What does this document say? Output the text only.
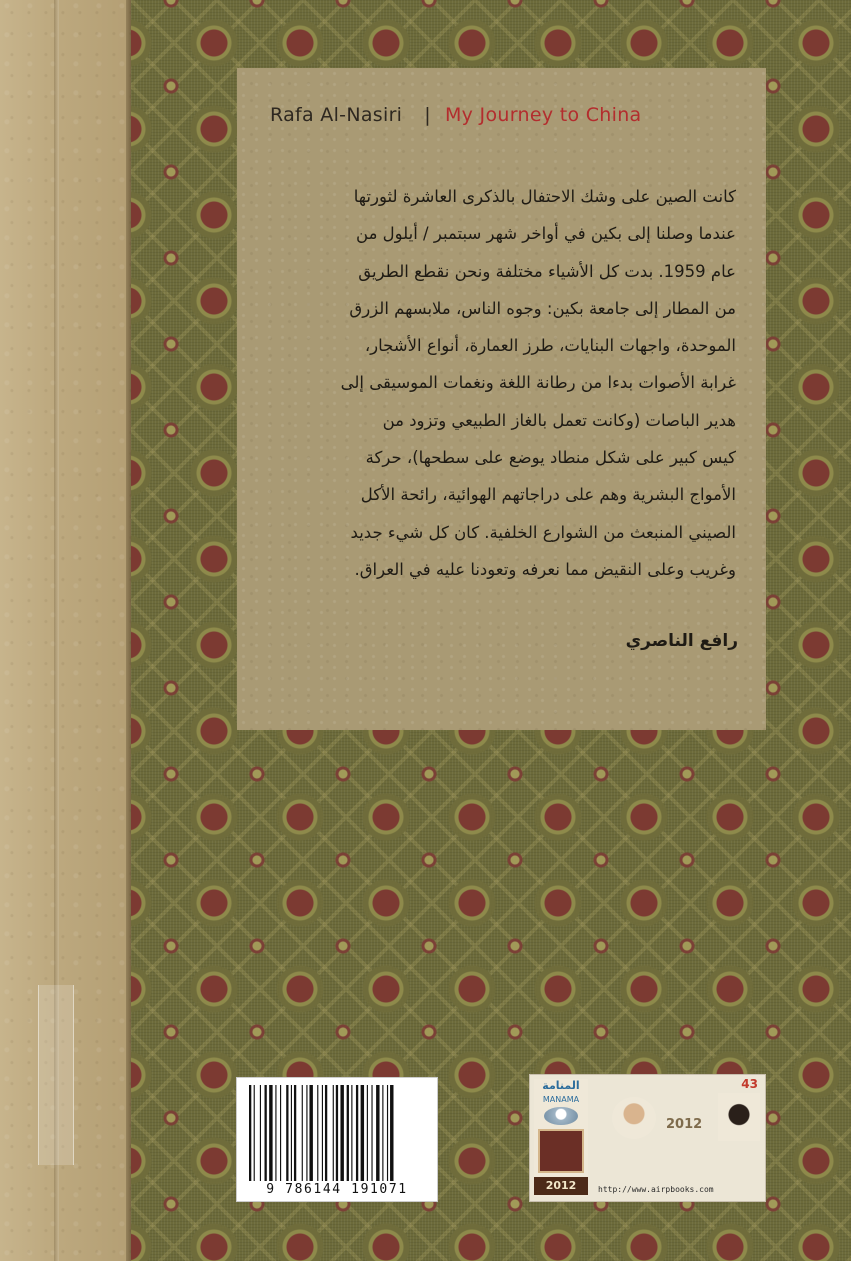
Rafa Al-Nasiri | My Journey to China
كانت الصين على وشك الاحتفال بالذكرى العاشرة لثورتها
عندما وصلنا إلى بكين في أواخر شهر سبتمبر / أيلول من
عام 1959. بدت كل الأشياء مختلفة ونحن نقطع الطريق
من المطار إلى جامعة بكين: وجوه الناس، ملابسهم الزرق
الموحدة، واجهات البنايات، طرز العمارة، أنواع الأشجار،
غرابة الأصوات بدءا من رطانة اللغة ونغمات الموسيقى إلى
هدير الباصات (وكانت تعمل بالغاز الطبيعي وتزود من
كيس كبير على شكل منطاد يوضع على سطحها)، حركة
الأمواج البشرية وهم على دراجاتهم الهوائية، رائحة الأكل
الصيني المنبعث من الشوارع الخلفية. كان كل شيء جديد
وغريب وعلى النقيض مما نعرفه وتعودنا عليه في العراق.
رافع الناصري
9 786144 191071
المنامة
MANAMA
2012
43
2012
http://www.airpbooks.com
